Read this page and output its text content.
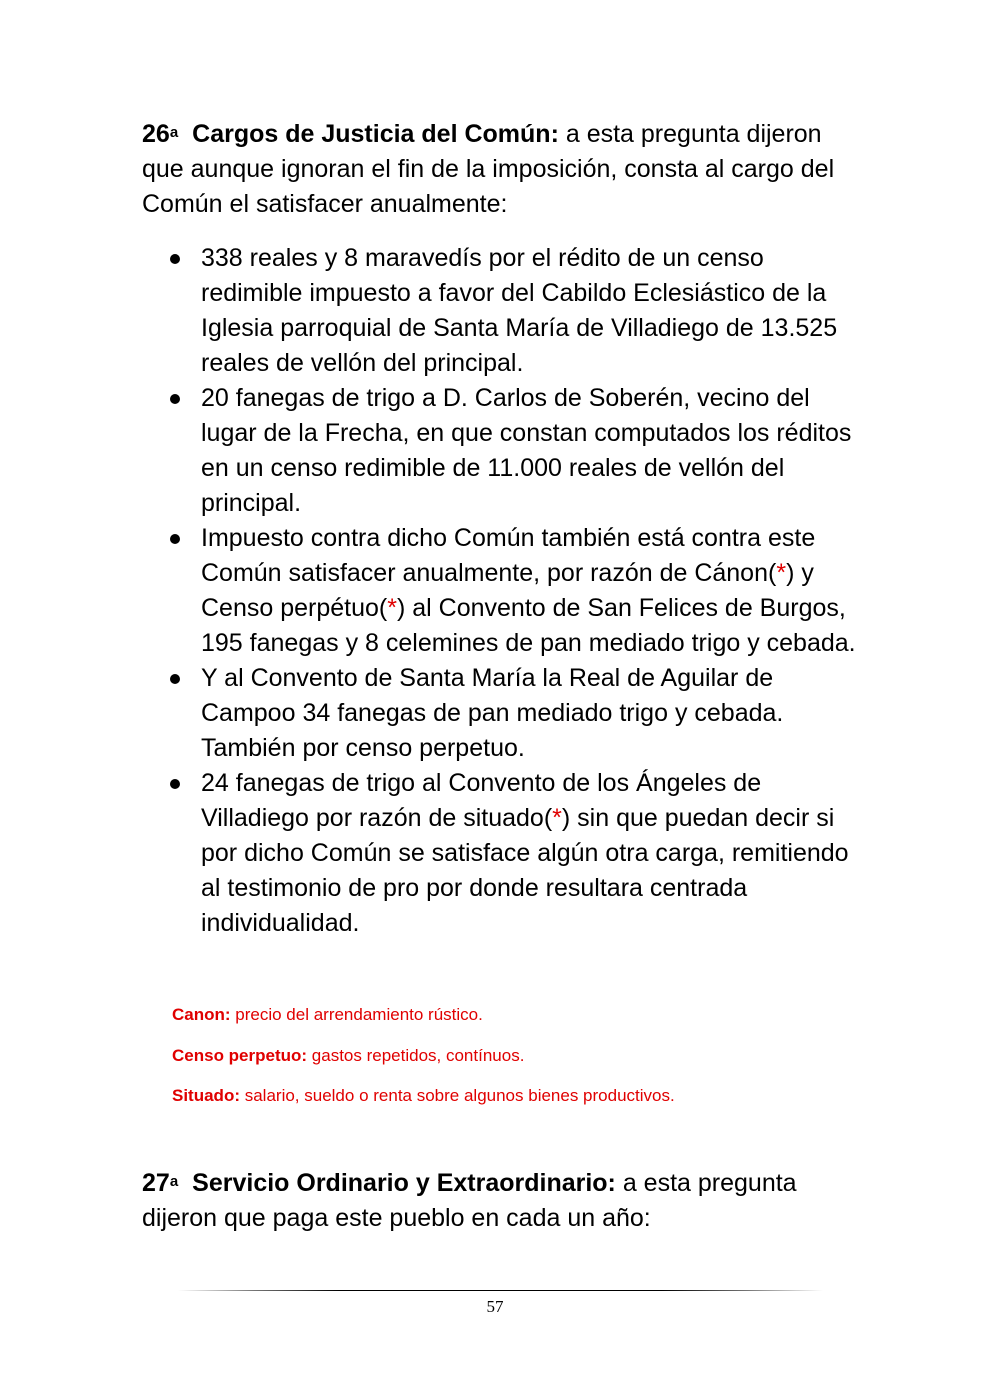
26$^a$ Cargos de Justicia del Común: a esta pregunta dijeron que aunque ignoran el fin de la imposición, consta al cargo del Común el satisfacer anualmente:
338 reales y 8 maravedís por el rédito de un censo redimible impuesto a favor del Cabildo Eclesiástico de la Iglesia parroquial de Santa María de Villadiego de 13.525 reales de vellón del principal.
20 fanegas de trigo a D. Carlos de Soberén, vecino del lugar de la Frecha, en que constan computados los réditos en un censo redimible de 11.000 reales de vellón del principal.
Impuesto contra dicho Común también está contra este Común satisfacer anualmente, por razón de Cánon(*) y Censo perpétuo(*) al Convento de San Felices de Burgos, 195 fanegas y 8 celemines de pan mediado trigo y cebada.
Y al Convento de Santa María la Real de Aguilar de Campoo 34 fanegas de pan mediado trigo y cebada. También por censo perpetuo.
24 fanegas de trigo al Convento de los Ángeles de Villadiego por razón de situado(*) sin que puedan decir si por dicho Común se satisface algún otra carga, remitiendo al testimonio de pro por donde resultara centrada individualidad.
Canon: precio del arrendamiento rústico.
Censo perpetuo: gastos repetidos, contínuos.
Situado: salario, sueldo o renta sobre algunos bienes productivos.
27$^a$ Servicio Ordinario y Extraordinario: a esta pregunta dijeron que paga este pueblo en cada un año:
57
